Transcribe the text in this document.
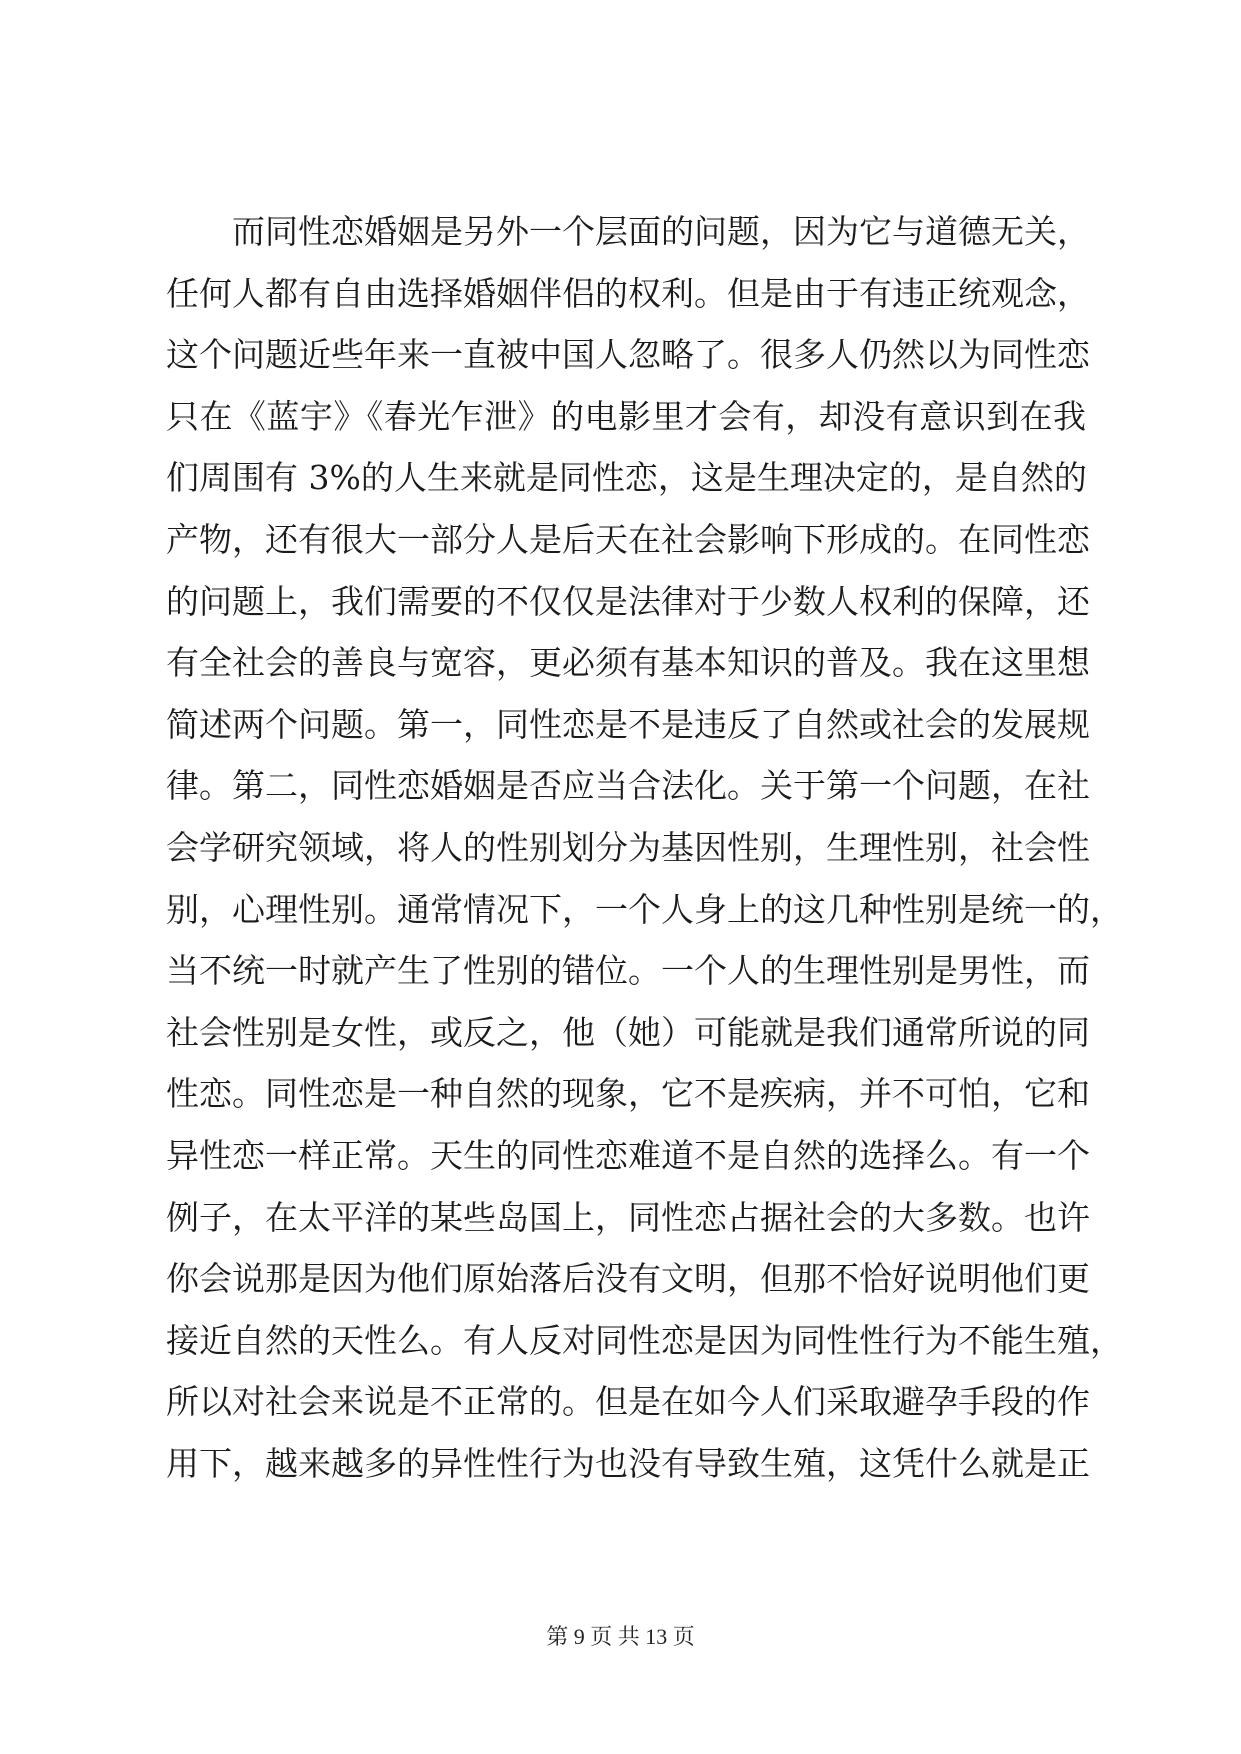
而同性恋婚姻是另外一个层面的问题，因为它与道德无关，
任何人都有自由选择婚姻伴侣的权利。但是由于有违正统观念，
这个问题近些年来一直被中国人忽略了。很多人仍然以为同性恋
只在《蓝宇》《春光乍泄》的电影里才会有，却没有意识到在我
们周围有 3%的人生来就是同性恋，这是生理决定的，是自然的
产物，还有很大一部分人是后天在社会影响下形成的。在同性恋
的问题上，我们需要的不仅仅是法律对于少数人权利的保障，还
有全社会的善良与宽容，更必须有基本知识的普及。我在这里想
简述两个问题。第一，同性恋是不是违反了自然或社会的发展规
律。第二，同性恋婚姻是否应当合法化。关于第一个问题，在社
会学研究领域，将人的性别划分为基因性别，生理性别，社会性
别，心理性别。通常情况下，一个人身上的这几种性别是统一的，
当不统一时就产生了性别的错位。一个人的生理性别是男性，而
社会性别是女性，或反之，他（她）可能就是我们通常所说的同
性恋。同性恋是一种自然的现象，它不是疾病，并不可怕，它和
异性恋一样正常。天生的同性恋难道不是自然的选择么。有一个
例子，在太平洋的某些岛国上，同性恋占据社会的大多数。也许
你会说那是因为他们原始落后没有文明，但那不恰好说明他们更
接近自然的天性么。有人反对同性恋是因为同性性行为不能生殖，
所以对社会来说是不正常的。但是在如今人们采取避孕手段的作
用下，越来越多的异性性行为也没有导致生殖，这凭什么就是正
第 9 页 共 13 页
